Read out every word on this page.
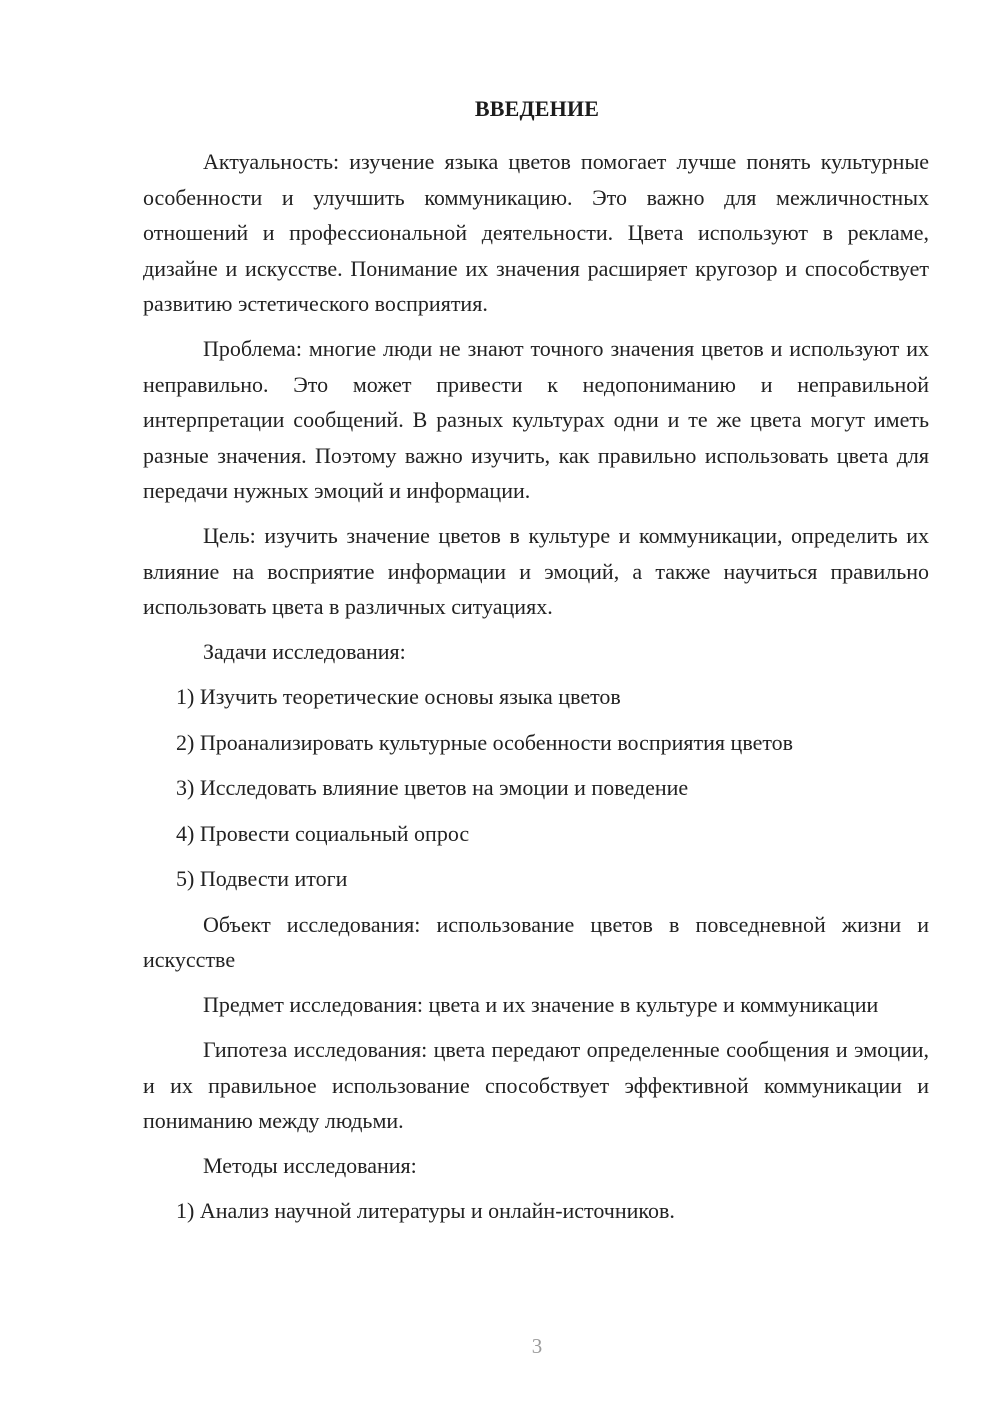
ВВЕДЕНИЕ

Актуальность: изучение языка цветов помогает лучше понять культурные особенности и улучшить коммуникацию. Это важно для межличностных отношений и профессиональной деятельности. Цвета используют в рекламе, дизайне и искусстве. Понимание их значения расширяет кругозор и способствует развитию эстетического восприятия.

Проблема: многие люди не знают точного значения цветов и используют их неправильно. Это может привести к недопониманию и неправильной интерпретации сообщений. В разных культурах одни и те же цвета могут иметь разные значения. Поэтому важно изучить, как правильно использовать цвета для передачи нужных эмоций и информации.

Цель: изучить значение цветов в культуре и коммуникации, определить их влияние на восприятие информации и эмоций, а также научиться правильно использовать цвета в различных ситуациях.

Задачи исследования:

1) Изучить теоретические основы языка цветов

2) Проанализировать культурные особенности восприятия цветов

3) Исследовать влияние цветов на эмоции и поведение

4) Провести социальный опрос

5) Подвести итоги

Объект исследования: использование цветов в повседневной жизни и искусстве

Предмет исследования: цвета и их значение в культуре и коммуникации

Гипотеза исследования: цвета передают определенные сообщения и эмоции, и их правильное использование способствует эффективной коммуникации и пониманию между людьми.

Методы исследования:

1) Анализ научной литературы и онлайн-источников.

3
